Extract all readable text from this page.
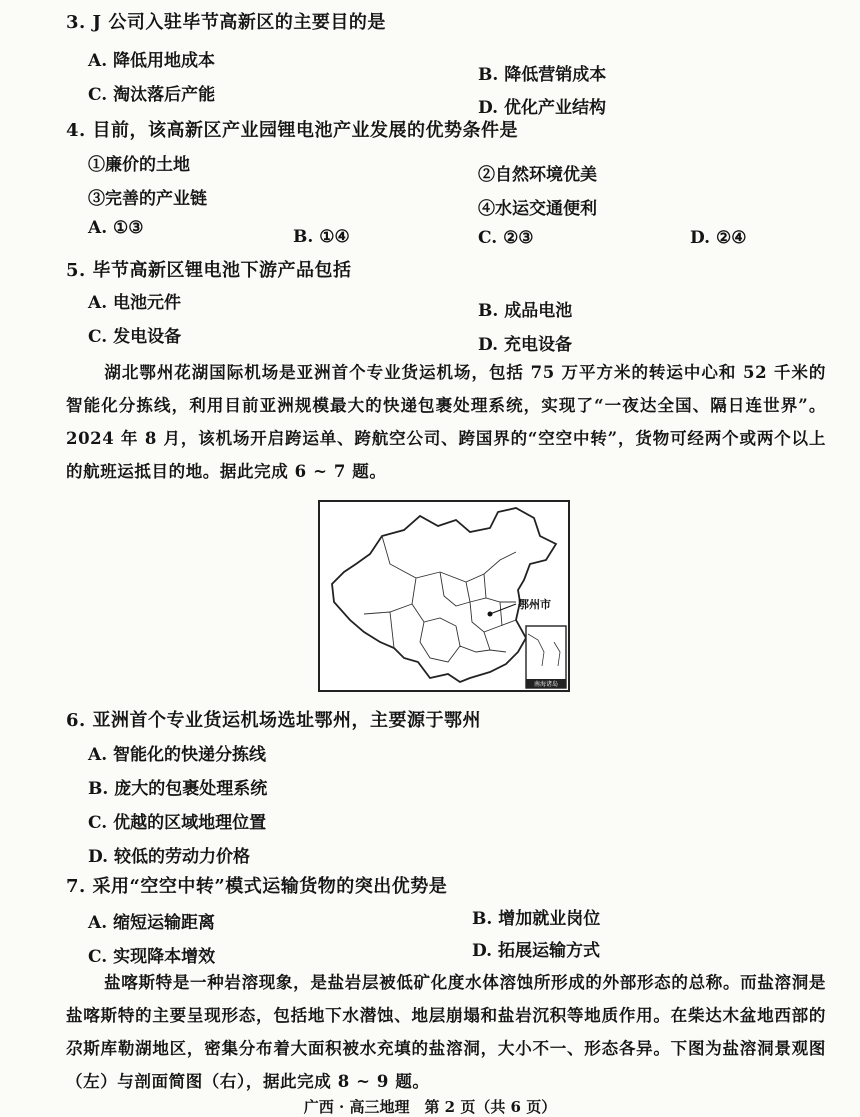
3. J 公司入驻毕节高新区的主要目的是
A. 降低用地成本
B. 降低营销成本
C. 淘汰落后产能
D. 优化产业结构
4. 目前，该高新区产业园锂电池产业发展的优势条件是
①廉价的土地	②自然环境优美
③完善的产业链	④水运交通便利
A. ①③	B. ①④	C. ②③	D. ②④
5. 毕节高新区锂电池下游产品包括
A. 电池元件	B. 成品电池
C. 发电设备	D. 充电设备
湖北鄂州花湖国际机场是亚洲首个专业货运机场，包括 75 万平方米的转运中心和 52 千米的智能化分拣线，利用目前亚洲规模最大的快递包裹处理系统，实现了“一夜达全国、隔日连世界”。2024 年 8 月，该机场开启跨运单、跨航空公司、跨国界的“空空中转”，货物可经两个或两个以上的航班运抵目的地。据此完成 6 ~ 7 题。
鄂州市
南海诸岛
6. 亚洲首个专业货运机场选址鄂州，主要源于鄂州
A. 智能化的快递分拣线
B. 庞大的包裹处理系统
C. 优越的区域地理位置
D. 较低的劳动力价格
7. 采用“空空中转”模式运输货物的突出优势是
A. 缩短运输距离	B. 增加就业岗位
C. 实现降本增效	D. 拓展运输方式
盐喀斯特是一种岩溶现象，是盐岩层被低矿化度水体溶蚀所形成的外部形态的总称。而盐溶洞是盐喀斯特的主要呈现形态，包括地下水潜蚀、地层崩塌和盐岩沉积等地质作用。在柴达木盆地西部的尕斯库勒湖地区，密集分布着大面积被水充填的盐溶洞，大小不一、形态各异。下图为盐溶洞景观图（左）与剖面简图（右），据此完成 8 ~ 9 题。
广西 · 高三地理　第 2 页（共 6 页）
